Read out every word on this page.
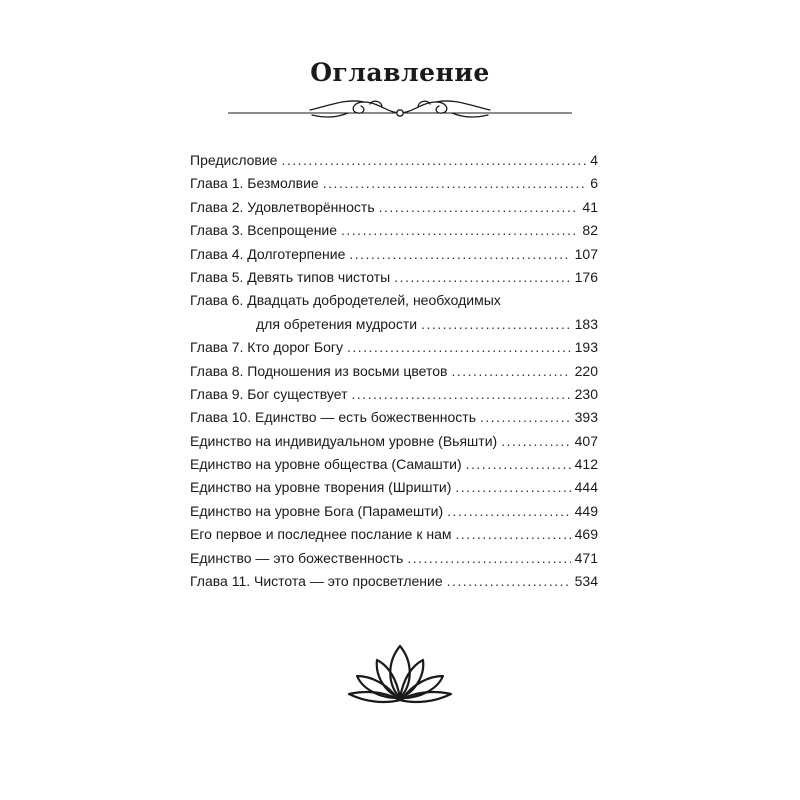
Оглавление
Предисловие . . .	4
Глава 1. Безмолвие . . .	6
Глава 2. Удовлетворённость . . .	41
Глава 3. Всепрощение . . .	82
Глава 4. Долготерпение . . .	107
Глава 5. Девять типов чистоты . . .	176
Глава 6. Двадцать добродетелей, необходимых
для обретения мудрости . . .	183
Глава 7. Кто дорог Богу . . .	193
Глава 8. Подношения из восьми цветов . . .	220
Глава 9. Бог существует . . .	230
Глава 10. Единство — есть божественность . . .	393
Единство на индивидуальном уровне (Вьяшти) . . .	407
Единство на уровне общества (Самашти) . . .	412
Единство на уровне творения (Шришти) . . .	444
Единство на уровне Бога (Парамешти) . . .	449
Его первое и последнее послание к нам . . .	469
Единство — это божественность . . .	471
Глава 11. Чистота — это просветление . . .	534
